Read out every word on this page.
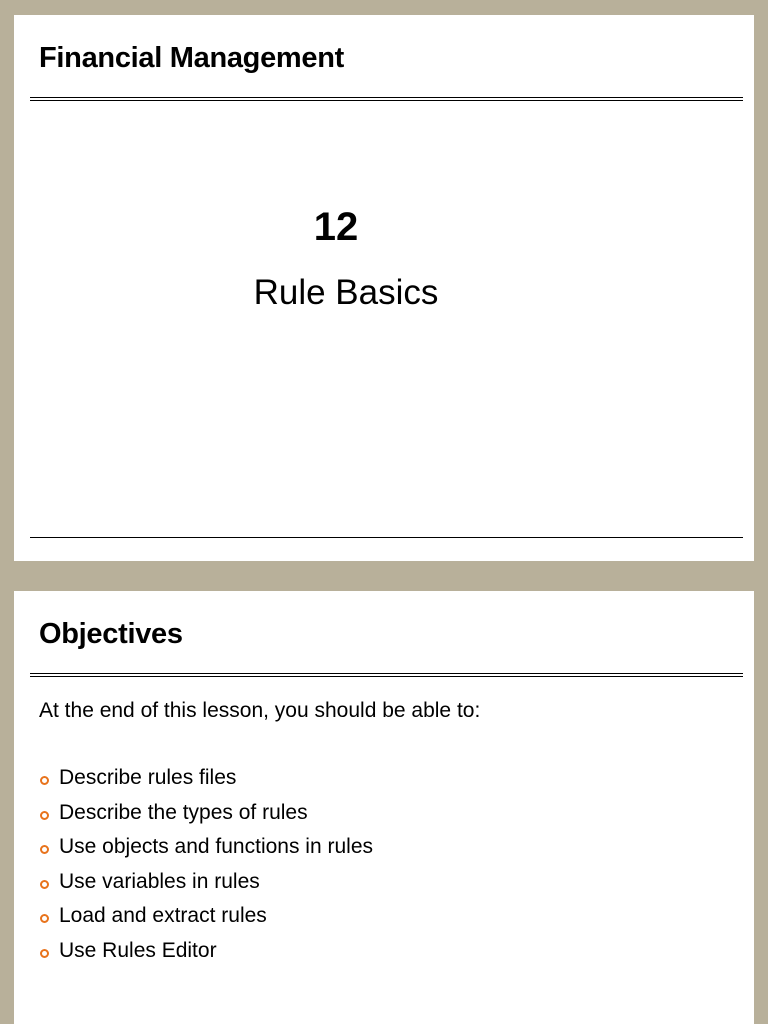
Financial Management
12
Rule Basics
Objectives
At the end of this lesson, you should be able to:
Describe rules files
Describe the types of rules
Use objects and functions in rules
Use variables in rules
Load and extract rules
Use Rules Editor
